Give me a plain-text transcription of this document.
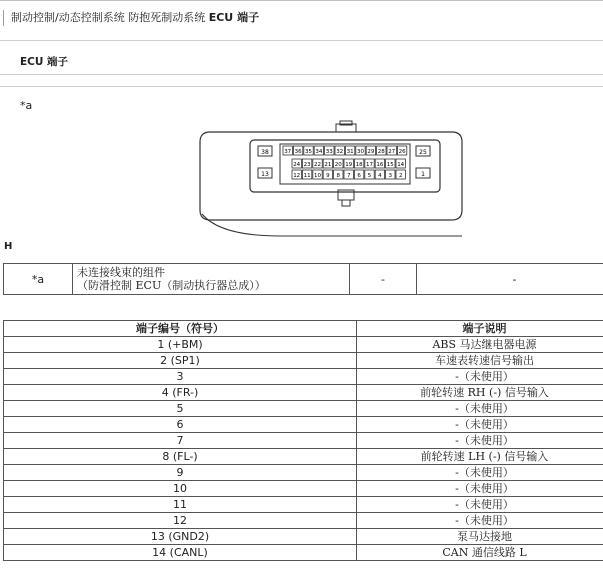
制动控制/动态控制系统 防抱死制动系统 ECU 端子
ECU 端子
*a
38
13
25
1
37 36 35 34 33 32 31 30 29 28 27 26
24 23 22 21 20 19 18 17 16 15 14
12 11 10 9 8 7 6 5 4 3 2
H
*a	未连接线束的组件
（防滑控制 ECU（制动执行器总成））	-	-
端子编号（符号）	端子说明
1 (+BM)	ABS 马达继电器电源
2 (SP1)	车速表转速信号输出
3	-（未使用）
4 (FR-)	前轮转速 RH (-) 信号输入
5	-（未使用）
6	-（未使用）
7	-（未使用）
8 (FL-)	前轮转速 LH (-) 信号输入
9	-（未使用）
10	-（未使用）
11	-（未使用）
12	-（未使用）
13 (GND2)	泵马达接地
14 (CANL)	CAN 通信线路 L
